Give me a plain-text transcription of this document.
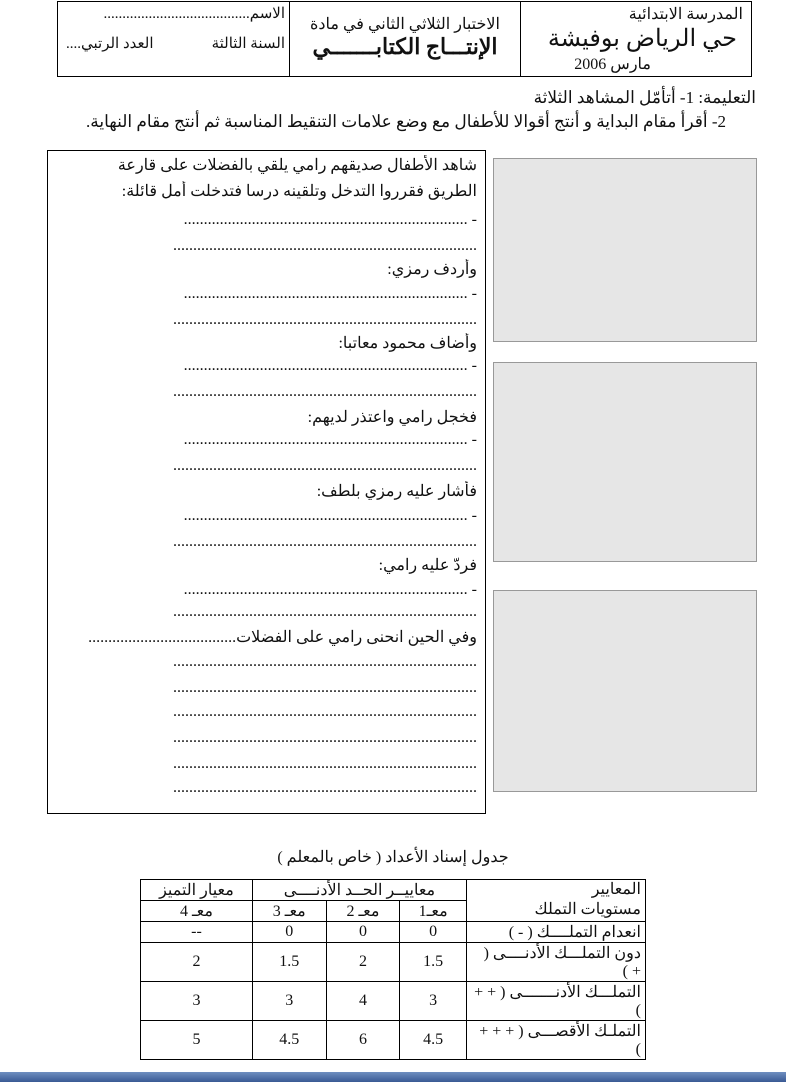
المدرسة الابتدائية
حي الرياض بوفيشة
مارس 2006
الاختبار الثلاثي الثاني في مادة
الإنتـــاج الكتابـــــــي
الاسم.......................................
السنة الثالثة
العدد الرتبي....
التعليمة: 1- أتأمّل المشاهد الثلاثة
2- أقرأ مقام البداية و أنتج أقوالا للأطفال مع وضع علامات التنقيط المناسبة ثم أنتج مقام النهاية.
شاهد الأطفال صديقهم رامي يلقي بالفضلات على قارعة
الطريق فقرروا التدخل وتلقينه درسا فتدخلت أمل قائلة:
- .......................................................................
............................................................................
وأردف رمزي:
- .......................................................................
............................................................................
وأضاف محمود معاتبا:
- .......................................................................
............................................................................
فخجل رامي واعتذر لديهم:
- .......................................................................
............................................................................
فأشار عليه رمزي بلطف:
- .......................................................................
............................................................................
فردّ عليه رامي:
- .......................................................................
............................................................................
وفي الحين انحنى رامي على الفضلات.....................................
............................................................................
............................................................................
............................................................................
............................................................................
............................................................................
............................................................................
جدول إسناد الأعداد ( خاص بالمعلم )
المعايير
مستويات التملك	معاييــر الحــد الأدنــــى			معيار التميز
	معـ1	معـ 2	معـ 3	معـ 4
انعدام التملــــك ( - )	0	0	0	--
دون التملـــك الأدنــــى ( + )	1.5	2	1.5	2
التملـــك الأدنـــــــى ( + + )	3	4	3	3
التملـك الأقصـــى ( + + + )	4.5	6	4.5	5
